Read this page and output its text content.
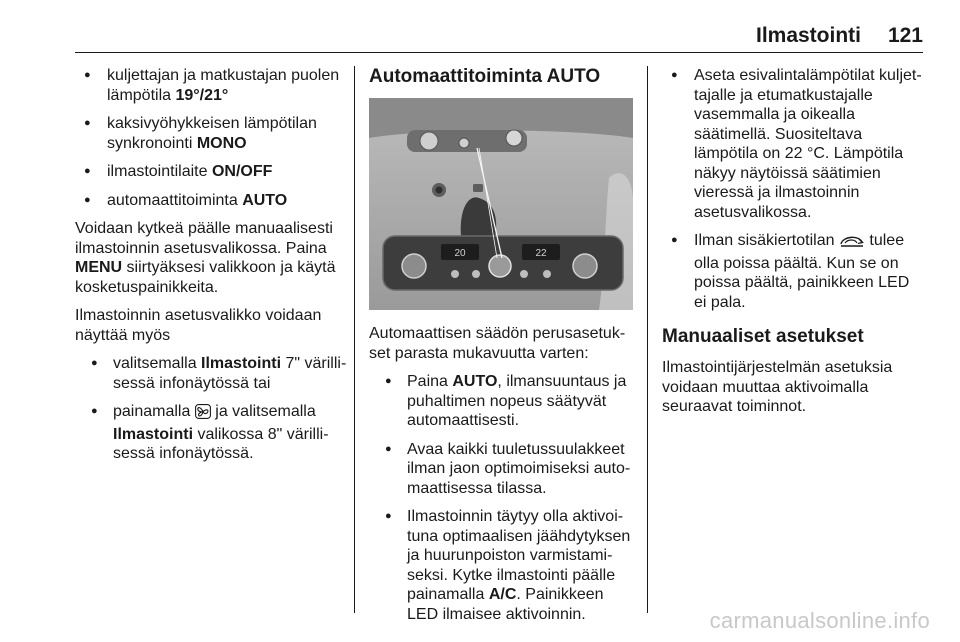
Ilmastointi 121
● kuljettajan ja matkustajan puolen lämpötila 19°/21°
● kaksivyöhykkeisen lämpötilan synkronointi MONO
● ilmastointilaite ON/OFF
● automaattitoiminta AUTO

Voidaan kytkeä päälle manuaalisesti ilmastoinnin asetusvalikossa. Paina MENU siirtyäksesi valikkoon ja käytä kosketuspainikkeita.

Ilmastoinnin asetusvalikko voidaan näyttää myös

● valitsemalla Ilmastointi 7" värillisessä infonäytössä tai
● painamalla  ja valitsemalla Ilmastointi valikossa 8" värillisessä infonäytössä.
Automaattitoiminta AUTO
20	22

Automaattisen säädön perusasetukset parasta mukavuutta varten:

● Paina AUTO, ilmansuuntaus ja puhaltimen nopeus säätyvät automaattisesti.
● Avaa kaikki tuuletussuulakkeet ilman jaon optimoimiseksi automaattisessa tilassa.
● Ilmastoinnin täytyy olla aktivoituna optimaalisen jäähdytyksen ja huurunpoiston varmistamiseksi. Kytke ilmastointi päälle painamalla A/C. Painikkeen LED ilmaisee aktivoinnin.
● Aseta esivalintalämpötilat kuljettajalle ja etumatkustajalle vasemmalla ja oikealla säätimellä. Suositeltava lämpötila on 22 °C. Lämpötila näkyy näytöissä säätimien vieressä ja ilmastoinnin asetusvalikossa.
● Ilman sisäkiertotilan  tulee olla poissa päältä. Kun se on poissa päältä, painikkeen LED ei pala.
Manuaaliset asetukset

Ilmastointijärjestelmän asetuksia voidaan muuttaa aktivoimalla seuraavat toiminnot.

carmanualsonline.info
